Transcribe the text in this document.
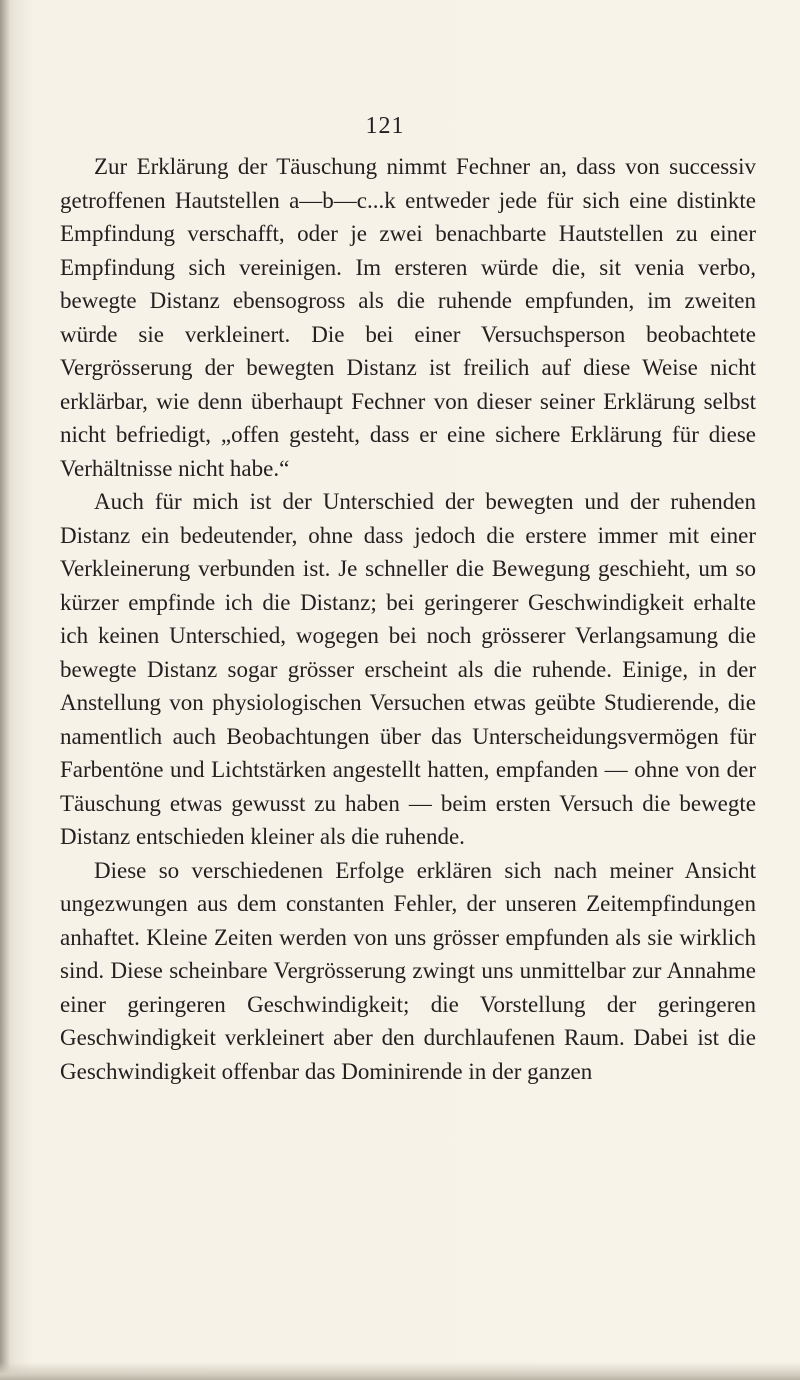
121

Zur Erklärung der Täuschung nimmt Fechner an, dass von successiv getroffenen Hautstellen a—b—c...k entweder jede für sich eine distinkte Empfindung verschafft, oder je zwei benachbarte Hautstellen zu einer Empfindung sich vereinigen. Im ersteren würde die, sit venia verbo, bewegte Distanz ebensogross als die ruhende empfunden, im zweiten würde sie verkleinert. Die bei einer Versuchsperson beobachtete Vergrösserung der bewegten Distanz ist freilich auf diese Weise nicht erklärbar, wie denn überhaupt Fechner von dieser seiner Erklärung selbst nicht befriedigt, „offen gesteht, dass er eine sichere Erklärung für diese Verhältnisse nicht habe.“

Auch für mich ist der Unterschied der bewegten und der ruhenden Distanz ein bedeutender, ohne dass jedoch die erstere immer mit einer Verkleinerung verbunden ist. Je schneller die Bewegung geschieht, um so kürzer empfinde ich die Distanz; bei geringerer Geschwindigkeit erhalte ich keinen Unterschied, wogegen bei noch grösserer Verlangsamung die bewegte Distanz sogar grösser erscheint als die ruhende. Einige, in der Anstellung von physiologischen Versuchen etwas geübte Studierende, die namentlich auch Beobachtungen über das Unterscheidungsvermögen für Farbentöne und Lichtstärken angestellt hatten, empfanden — ohne von der Täuschung etwas gewusst zu haben — beim ersten Versuch die bewegte Distanz entschieden kleiner als die ruhende.

Diese so verschiedenen Erfolge erklären sich nach meiner Ansicht ungezwungen aus dem constanten Fehler, der unseren Zeitempfindungen anhaftet. Kleine Zeiten werden von uns grösser empfunden als sie wirklich sind. Diese scheinbare Vergrösserung zwingt uns unmittelbar zur Annahme einer geringeren Geschwindigkeit; die Vorstellung der geringeren Geschwindigkeit verkleinert aber den durchlaufenen Raum. Dabei ist die Geschwindigkeit offenbar das Dominirende in der ganzen
